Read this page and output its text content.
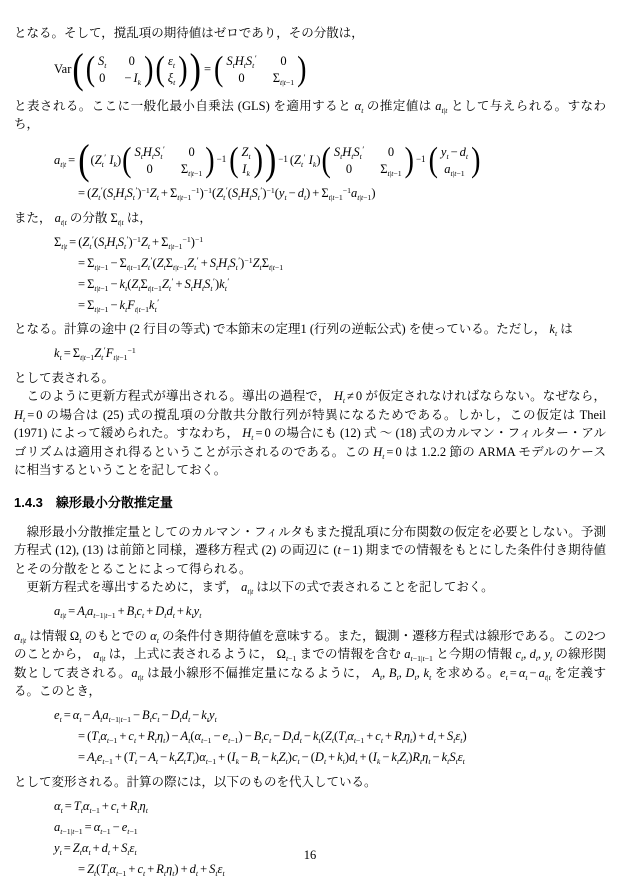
となる。そして，撹乱項の期待値はゼロであり，その分散は，

Var ( ( $S_t$ 0
$0 - I_k$ ) ( $\varepsilon_t$
$\xi_t$ ) ) = ( $S_tH_tS_t'$ 0
0 $\Sigma_{t|t-1}$ )

と表される。ここに一般化最小自乗法 (GLS) を適用すると $\alpha_t$ の推定値は $a_{t|t}$ として与えられる。すなわち，

$a_{t|t}$ = ( ($Z_t'$ $I_k$) ( $S_tH_tS_t'$ 0
0 $\Sigma_{t|t-1}$ )$^{-1}$ ( $Z_t$
$I_k$ ) )$^{-1}$ ($Z_t'$ $I_k$) ( $S_tH_tS_t'$ 0
0 $\Sigma_{t|t-1}$ )$^{-1}$ ( $y_t - d_t$
$a_{t|t-1}$ )
= $(Z_t'(S_tH_tS_t')^{-1}Z_t + \Sigma_{t|t-1}^{-1})^{-1}(Z_t'(S_tH_tS_t')^{-1}(y_t - d_t) + \Sigma_{t|t-1}^{-1}a_{t|t-1})$

また， $a_{t|t}$ の分散 $\Sigma_{t|t}$ は，

$\Sigma_{t|t} = (Z_t'(S_tH_tS_t')^{-1}Z_t + \Sigma_{t|t-1}^{-1})^{-1}$
= $\Sigma_{t|t-1} - \Sigma_{t|t-1}Z_t'(Z_t\Sigma_{t|t-1}Z_t' + S_tH_tS_t')^{-1}Z_t\Sigma_{t|t-1}$
= $\Sigma_{t|t-1} - k_t(Z_t\Sigma_{t|t-1}Z_t' + S_tH_tS_t')k_t'$
= $\Sigma_{t|t-1} - k_tF_{t|t-1}k_t'$

となる。計算の途中 (2 行目の等式) で本節末の定理1 (行列の逆転公式) を使っている。ただし， $k_t$ は

$k_t = \Sigma_{t|t-1}Z_t'F_{t|t-1}^{-1}$

として表される。

　このように更新方程式が導出される。導出の過程で， $H_t \ne 0$ が仮定されなければならない。なぜなら， $H_t = 0$ の場合は (25) 式の撹乱項の分散共分散行列が特異になるためである。しかし，この仮定は Theil (1971) によって緩められた。すなわち， $H_t = 0$ の場合にも (12) 式 〜 (18) 式のカルマン・フィルター・アルゴリズムは適用され得るということが示されるのである。この $H_t = 0$ は 1.2.2 節の ARMA モデルのケースに相当するということを記しておく。

1.4.3　線形最小分散推定量

　線形最小分散推定量としてのカルマン・フィルタもまた撹乱項に分布関数の仮定を必要としない。予測方程式 (12), (13) は前節と同様，遷移方程式 (2) の両辺に (t − 1) 期までの情報をもとにした条件付き期待値とその分散をとることによって得られる。

　更新方程式を導出するために，まず， $a_{t|t}$ は以下の式で表されることを記しておく。

$a_{t|t} = A_ta_{t-1|t-1} + B_tc_t + D_td_t + k_ty_t$

$a_{t|t}$ は情報 $\Omega_t$ のもとでの $\alpha_t$ の条件付き期待値を意味する。また，観測・遷移方程式は線形である。この2つのことから， $a_{t|t}$ は，上式に表されるように， $\Omega_{t-1}$ までの情報を含む $a_{t-1|t-1}$ と今期の情報 $c_t$, $d_t$, $y_t$ の線形関数として表される。$a_{t|t}$ は最小線形不偏推定量になるように， $A_t$, $B_t$, $D_t$, $k_t$ を求める。$e_t = \alpha_t - a_{t|t}$ を定義する。このとき，

$e_t = \alpha_t - A_ta_{t-1|t-1} - B_tc_t - D_td_t - k_ty_t$
= $(T_t\alpha_{t-1} + c_t + R_t\eta_t) - A_t(\alpha_{t-1} - e_{t-1}) - B_tc_t - D_td_t - k_t(Z_t(T_t\alpha_{t-1} + c_t + R_t\eta_t) + d_t + S_t\varepsilon_t)$
= $A_te_{t-1} + (T_t - A_t - k_tZ_tT_t)\alpha_{t-1} + (I_k - B_t - k_tZ_t)c_t - (D_t + k_t)d_t + (I_k - k_tZ_t)R_t\eta_t - k_tS_t\varepsilon_t$

として変形される。計算の際には，以下のものを代入している。

$\alpha_t = T_t\alpha_{t-1} + c_t + R_t\eta_t$
$a_{t-1|t-1} = \alpha_{t-1} - e_{t-1}$
$y_t = Z_t\alpha_t + d_t + S_t\varepsilon_t$
= $Z_t(T_t\alpha_{t-1} + c_t + R_t\eta_t) + d_t + S_t\varepsilon_t$
16
